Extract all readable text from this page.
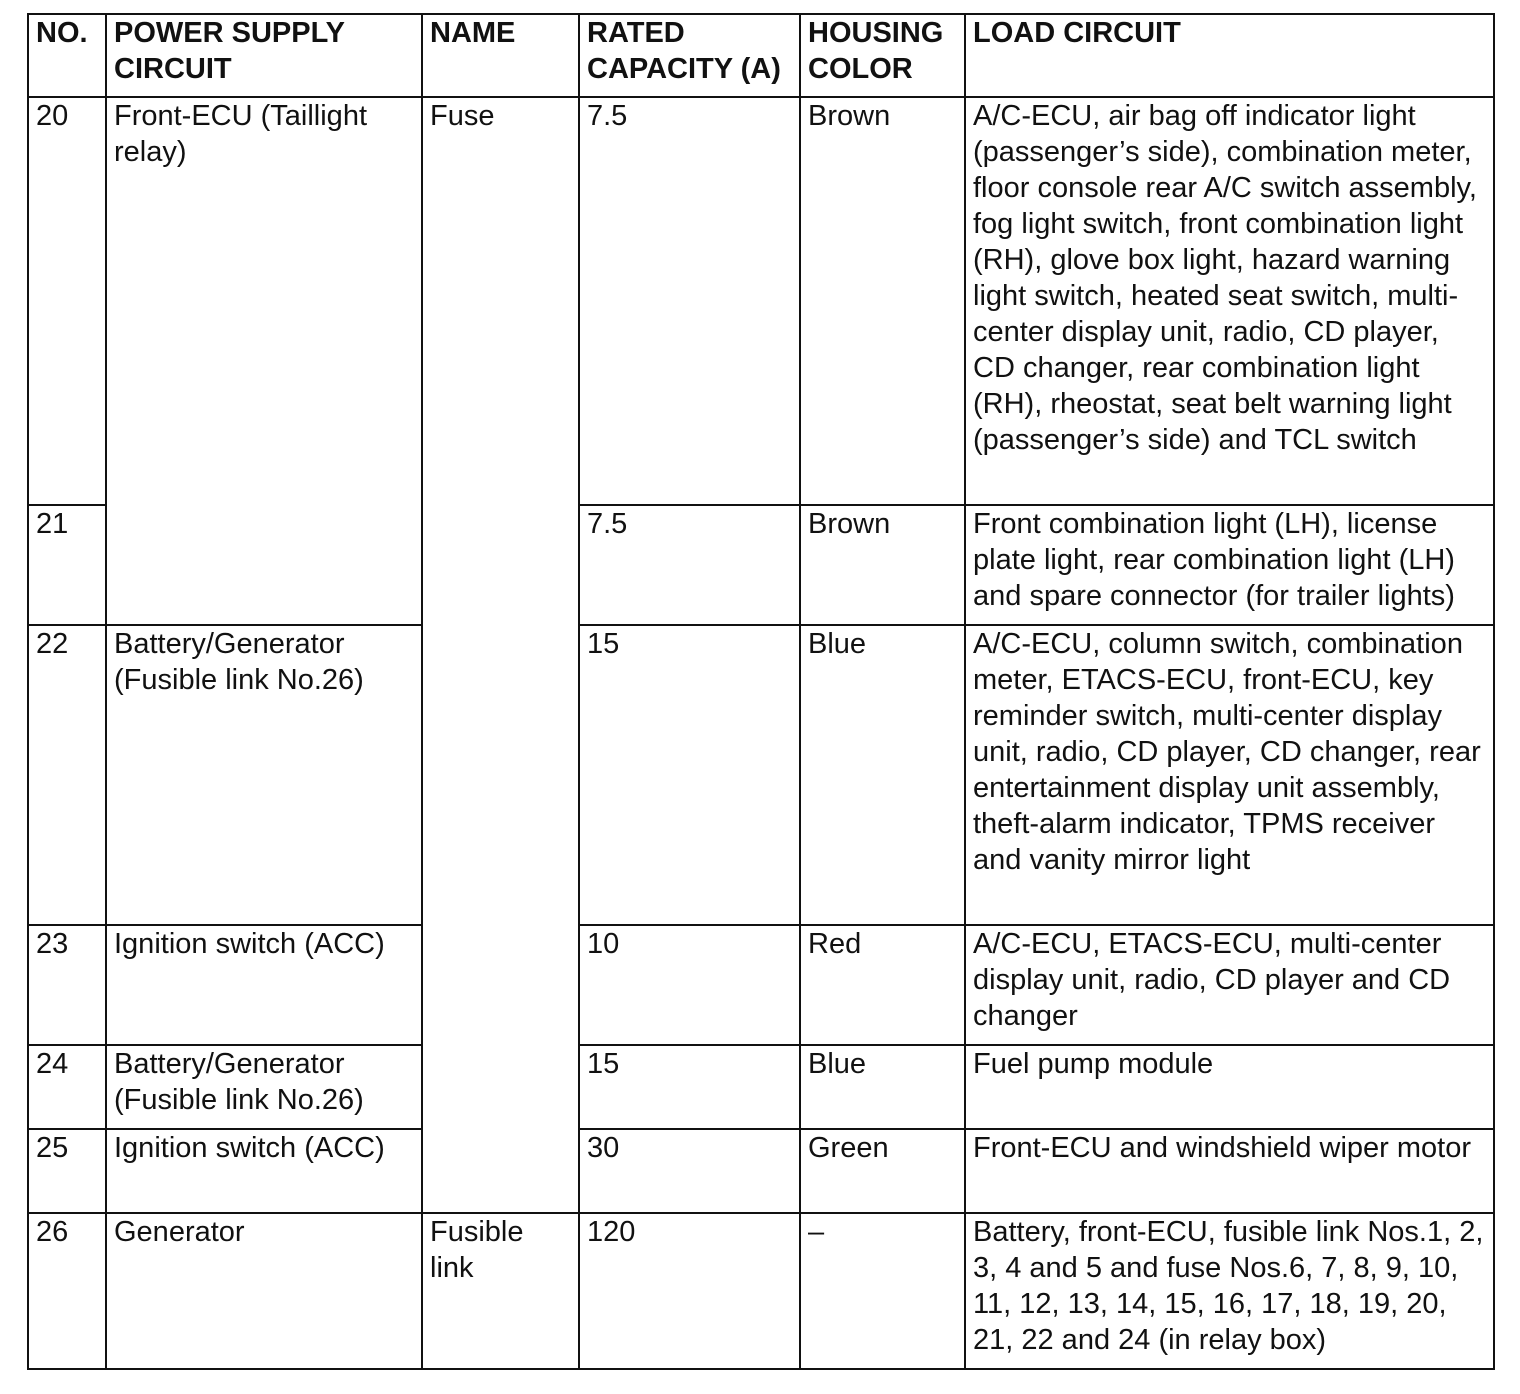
NO.	POWER SUPPLY CIRCUIT	NAME	RATED CAPACITY (A)	HOUSING COLOR	LOAD CIRCUIT
20	Front-ECU (Taillight relay)	Fuse	7.5	Brown	A/C-ECU, air bag off indicator light (passenger’s side), combination meter, floor console rear A/C switch assembly, fog light switch, front combination light (RH), glove box light, hazard warning light switch, heated seat switch, multi-center display unit, radio, CD player, CD changer, rear combination light (RH), rheostat, seat belt warning light (passenger’s side) and TCL switch
21			7.5	Brown	Front combination light (LH), license plate light, rear combination light (LH) and spare connector (for trailer lights)
22	Battery/Generator (Fusible link No.26)		15	Blue	A/C-ECU, column switch, combination meter, ETACS-ECU, front-ECU, key reminder switch, multi-center display unit, radio, CD player, CD changer, rear entertainment display unit assembly, theft-alarm indicator, TPMS receiver and vanity mirror light
23	Ignition switch (ACC)		10	Red	A/C-ECU, ETACS-ECU, multi-center display unit, radio, CD player and CD changer
24	Battery/Generator (Fusible link No.26)		15	Blue	Fuel pump module
25	Ignition switch (ACC)		30	Green	Front-ECU and windshield wiper motor
26	Generator	Fusible link	120	–	Battery, front-ECU, fusible link Nos.1, 2, 3, 4 and 5 and fuse Nos.6, 7, 8, 9, 10, 11, 12, 13, 14, 15, 16, 17, 18, 19, 20, 21, 22 and 24 (in relay box)
